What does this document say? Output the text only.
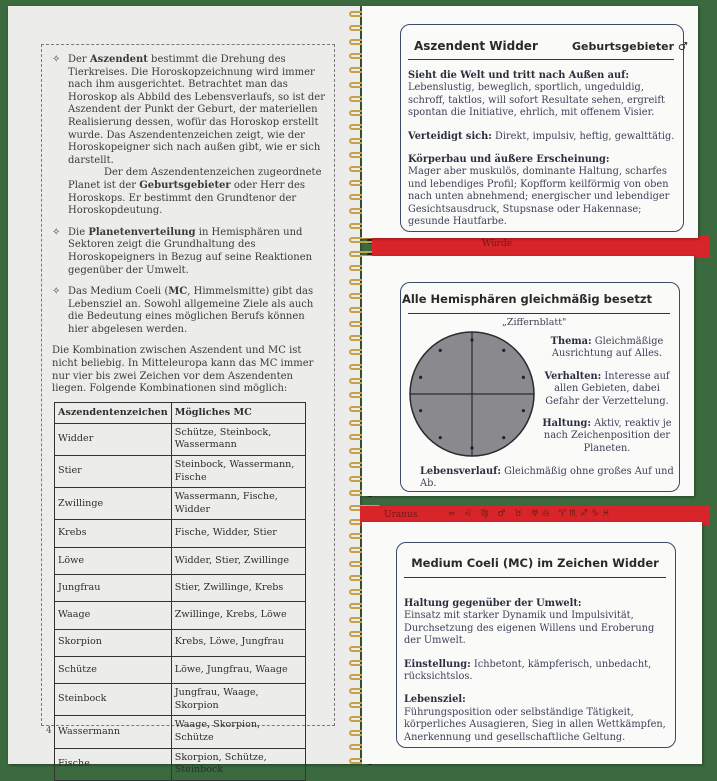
✧ Der Aszendent bestimmt die Drehung des Tierkreises. Die Horoskopzeichnung wird immer nach ihm ausgerichtet. Betrachtet man das Horoskop als Abbild des Lebensverlaufs, so ist der Aszendent der Punkt der Geburt, der materiellen Realisierung dessen, wofür das Horoskop erstellt wurde. Das Aszendentenzeichen zeigt, wie der Horoskopeigner sich nach außen gibt, wie er sich darstellt.
Der dem Aszendentenzeichen zugeordnete Planet ist der Geburtsgebieter oder Herr des Horoskops. Er bestimmt den Grundtenor der Horoskopdeutung.
✧ Die Planetenverteilung in Hemisphären und Sektoren zeigt die Grundhaltung des Horoskopeigners in Bezug auf seine Reaktionen gegenüber der Umwelt.
✧ Das Medium Coeli (MC, Himmelsmitte) gibt das Lebensziel an. Sowohl allgemeine Ziele als auch die Bedeutung eines möglichen Berufs können hier abgelesen werden.
Die Kombination zwischen Aszendent und MC ist nicht beliebig. In Mitteleuropa kann das MC immer nur vier bis zwei Zeichen vor dem Aszendenten liegen. Folgende Kombinationen sind möglich:
Aszendentenzeichen	Mögliches MC
Widder	Schütze, Steinbock, Wassermann
Stier	Steinbock, Wassermann, Fische
Zwillinge	Wassermann, Fische, Widder
Krebs	Fische, Widder, Stier
Löwe	Widder, Stier, Zwillinge
Jungfrau	Stier, Zwillinge, Krebs
Waage	Zwillinge, Krebs, Löwe
Skorpion	Krebs, Löwe, Jungfrau
Schütze	Löwe, Jungfrau, Waage
Steinbock	Jungfrau, Waage, Skorpion
Wassermann	Waage, Skorpion, Schütze
Fische	Skorpion, Schütze, Steinbock
4
Würde
Uranus	≈   ♌   ♍   ♂   ♉   ♅ ♎   ♈ ♏ ♐ ♑ ♓
Aszendent Widder	Geburtsgebieter ♂
Sieht die Welt und tritt nach Außen auf:
Lebenslustig, beweglich, sportlich, ungeduldig, schroff, taktlos, will sofort Resultate sehen, ergreift spontan die Initiative, ehrlich, mit offenem Visier.
Verteidigt sich: Direkt, impulsiv, heftig, gewalttätig.
Körperbau und äußere Erscheinung:
Mager aber muskulös, dominante Haltung, scharfes und lebendiges Profil; Kopfform keilförmig von oben nach unten abnehmend; energischer und lebendiger Gesichtsausdruck, Stupsnase oder Hakennase; gesunde Hautfarbe.
Alle Hemisphären gleichmäßig besetzt
„Ziffernblatt"
Thema: Gleichmäßige Ausrichtung auf Alles.
Verhalten: Interesse auf allen Gebieten, dabei Gefahr der Verzettelung.
Haltung: Aktiv, reaktiv je nach Zeichenposition der Planeten.
Lebensverlauf: Gleichmäßig ohne großes Auf und Ab.
Medium Coeli (MC) im Zeichen Widder
Haltung gegenüber der Umwelt:
Einsatz mit starker Dynamik und Impulsivität, Durchsetzung des eigenen Willens und Eroberung der Umwelt.
Einstellung: Ichbetont, kämpferisch, unbedacht, rücksichtslos.
Lebensziel:
Führungsposition oder selbständige Tätigkeit, körperliches Ausagieren, Sieg in allen Wettkämpfen, Anerkennung und gesellschaftliche Geltung.
